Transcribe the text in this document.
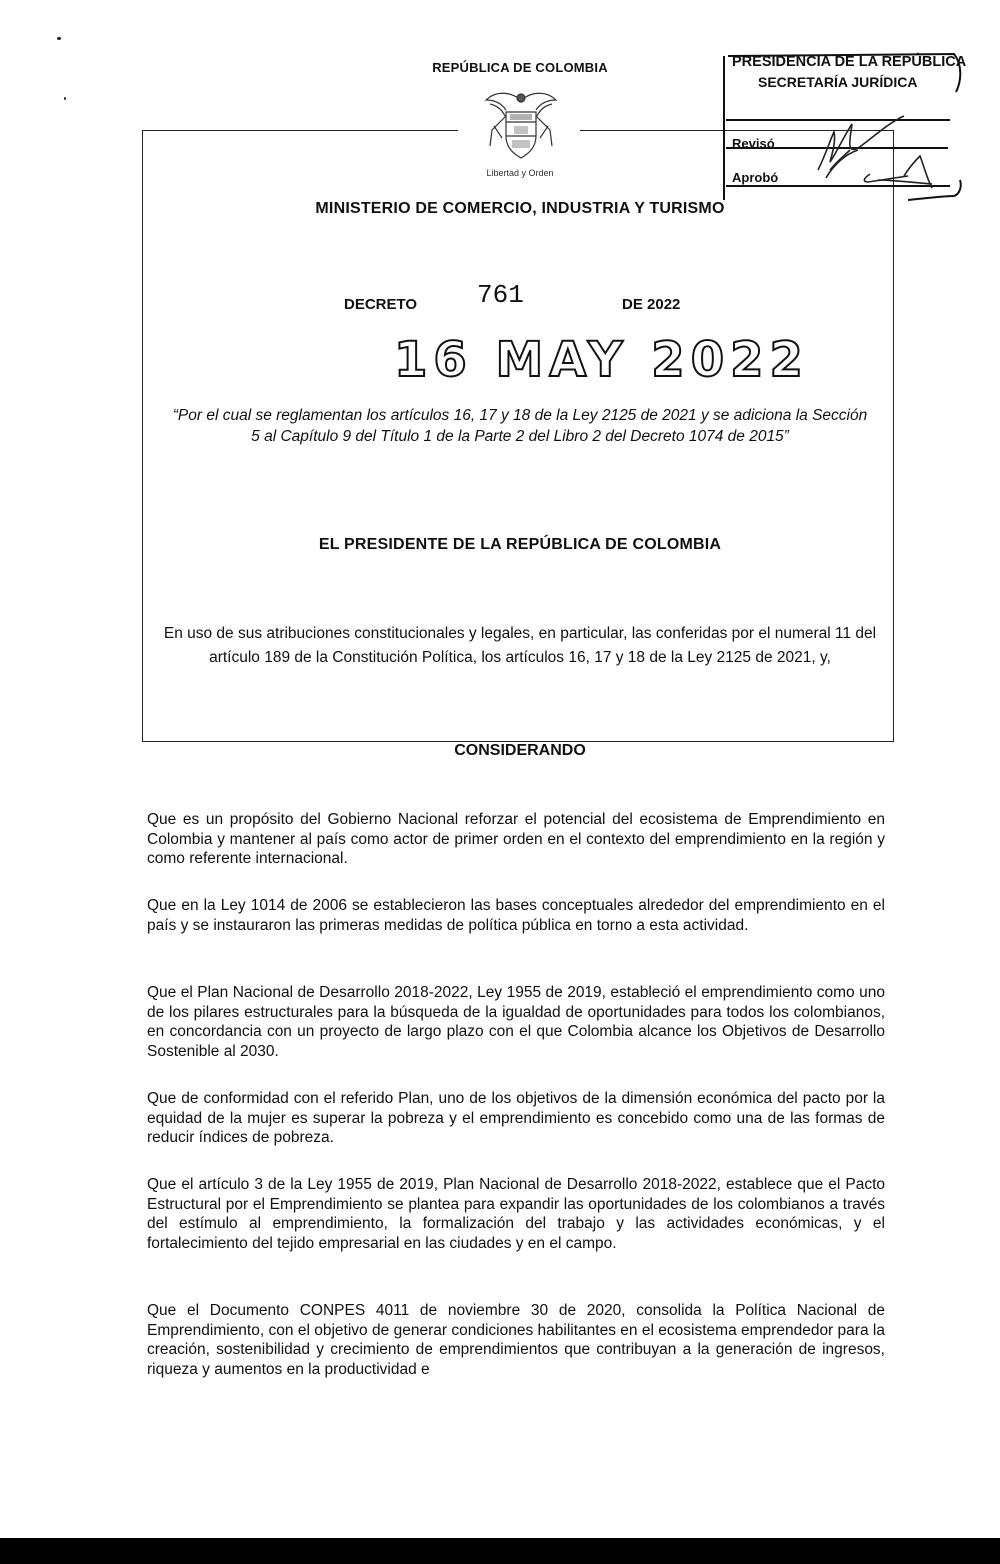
REPÚBLICA DE COLOMBIA
Libertad y Orden
PRESIDENCIA DE LA REPÚBLICA
SECRETARÍA JURÍDICA
Revisó
Aprobó
MINISTERIO DE COMERCIO, INDUSTRIA Y TURISMO
DECRETO 761	DE 2022
16 MAY 2022
“Por el cual se reglamentan los artículos 16, 17 y 18 de la Ley 2125 de 2021 y se adiciona la Sección 5 al Capítulo 9 del Título 1 de la Parte 2 del Libro 2 del Decreto 1074 de 2015”
EL PRESIDENTE DE LA REPÚBLICA DE COLOMBIA
En uso de sus atribuciones constitucionales y legales, en particular, las conferidas por el numeral 11 del artículo 189 de la Constitución Política, los artículos 16, 17 y 18 de la Ley 2125 de 2021, y,
CONSIDERANDO
Que es un propósito del Gobierno Nacional reforzar el potencial del ecosistema de Emprendimiento en Colombia y mantener al país como actor de primer orden en el contexto del emprendimiento en la región y como referente internacional.
Que en la Ley 1014 de 2006 se establecieron las bases conceptuales alrededor del emprendimiento en el país y se instauraron las primeras medidas de política pública en torno a esta actividad.
Que el Plan Nacional de Desarrollo 2018-2022, Ley 1955 de 2019, estableció el emprendimiento como uno de los pilares estructurales para la búsqueda de la igualdad de oportunidades para todos los colombianos, en concordancia con un proyecto de largo plazo con el que Colombia alcance los Objetivos de Desarrollo Sostenible al 2030.
Que de conformidad con el referido Plan, uno de los objetivos de la dimensión económica del pacto por la equidad de la mujer es superar la pobreza y el emprendimiento es concebido como una de las formas de reducir índices de pobreza.
Que el artículo 3 de la Ley 1955 de 2019, Plan Nacional de Desarrollo 2018-2022, establece que el Pacto Estructural por el Emprendimiento se plantea para expandir las oportunidades de los colombianos a través del estímulo al emprendimiento, la formalización del trabajo y las actividades económicas, y el fortalecimiento del tejido empresarial en las ciudades y en el campo.
Que el Documento CONPES 4011 de noviembre 30 de 2020, consolida la Política Nacional de Emprendimiento, con el objetivo de generar condiciones habilitantes en el ecosistema emprendedor para la creación, sostenibilidad y crecimiento de emprendimientos que contribuyan a la generación de ingresos, riqueza y aumentos en la productividad e
